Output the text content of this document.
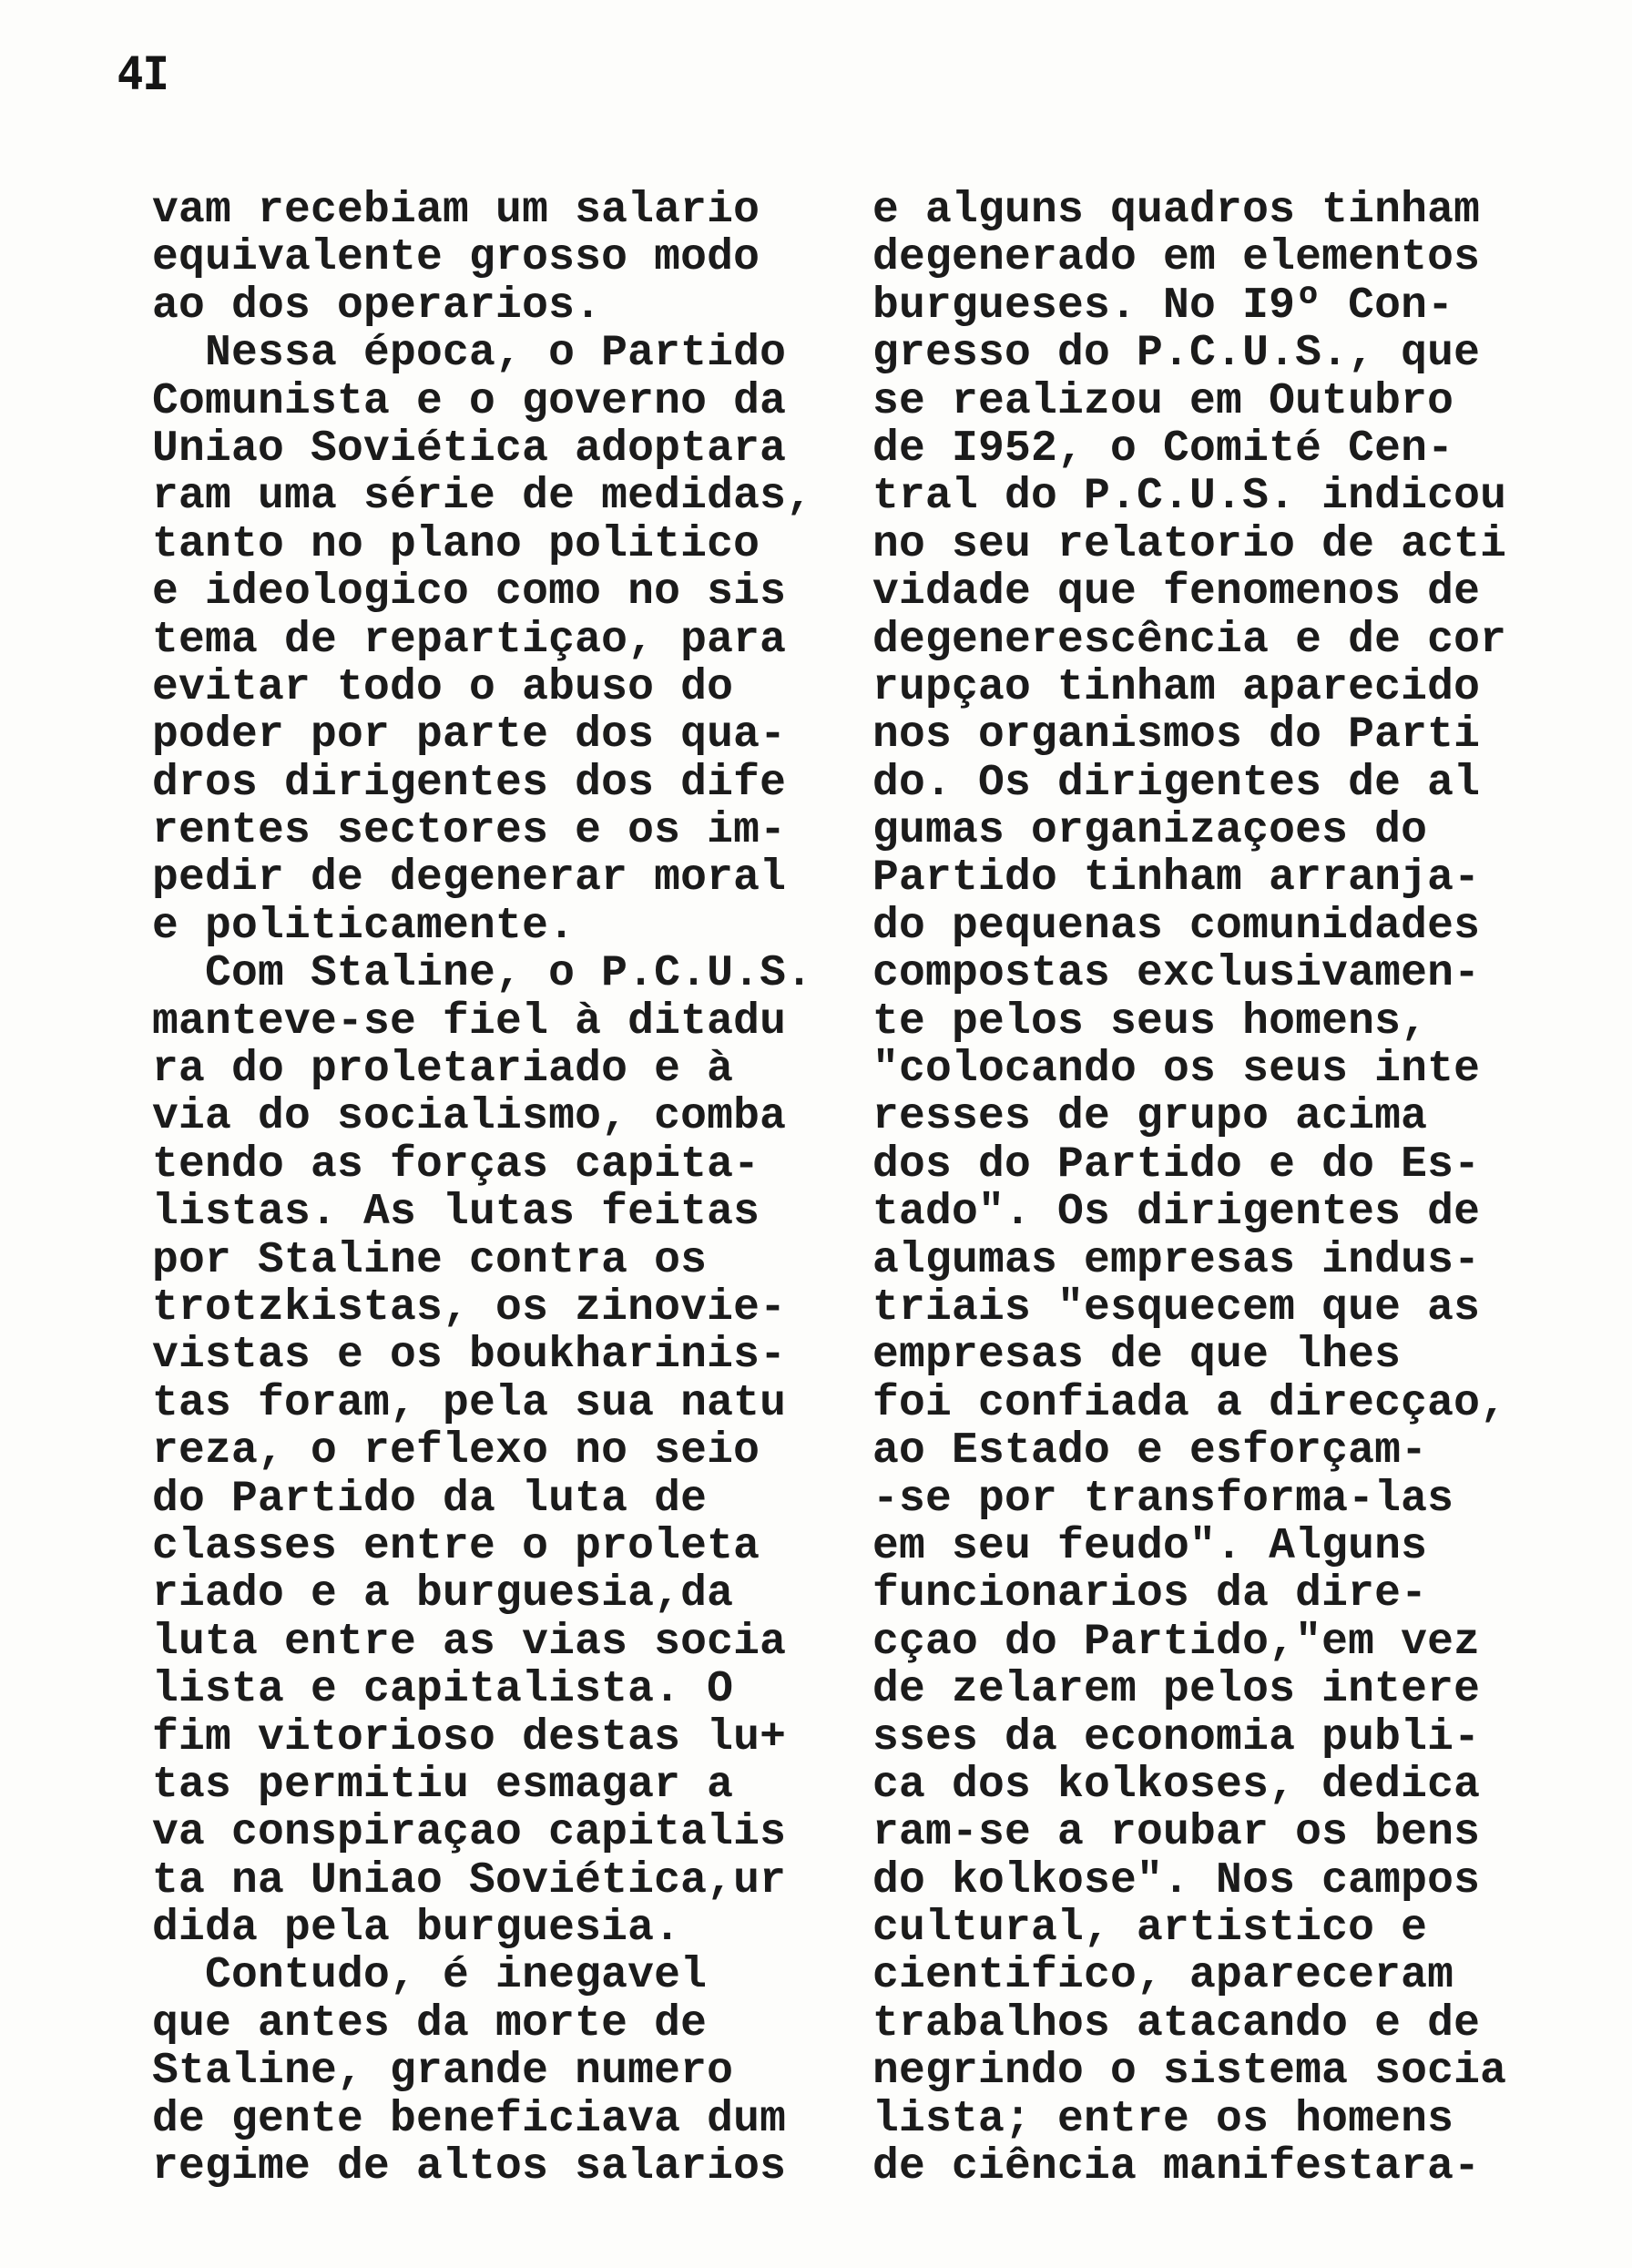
4I
vam recebiam um salario
equivalente grosso modo
ao dos operarios.
Nessa época, o Partido
Comunista e o governo da
Uniao Soviética adoptara
ram uma série de medidas,
tanto no plano politico
e ideologico como no sis
tema de repartiçao, para
evitar todo o abuso do
poder por parte dos qua-
dros dirigentes dos dife
rentes sectores e os im-
pedir de degenerar moral
e politicamente.
Com Staline, o P.C.U.S.
manteve-se fiel à ditadu
ra do proletariado e à
via do socialismo, comba
tendo as forças capita-
listas. As lutas feitas
por Staline contra os
trotzkistas, os zinovie-
vistas e os boukharinis-
tas foram, pela sua natu
reza, o reflexo no seio
do Partido da luta de
classes entre o proleta
riado e a burguesia,da
luta entre as vias socia
lista e capitalista. O
fim vitorioso destas lu+
tas permitiu esmagar a
va conspiraçao capitalis
ta na Uniao Soviética,ur
dida pela burguesia.
Contudo, é inegavel
que antes da morte de
Staline, grande numero
de gente beneficiava dum
regime de altos salarios
e alguns quadros tinham
degenerado em elementos
burgueses. No I9º Con-
gresso do P.C.U.S., que
se realizou em Outubro
de I952, o Comité Cen-
tral do P.C.U.S. indicou
no seu relatorio de acti
vidade que fenomenos de
degenerescência e de cor
rupçao tinham aparecido
nos organismos do Parti
do. Os dirigentes de al
gumas organizaçoes do
Partido tinham arranja-
do pequenas comunidades
compostas exclusivamen-
te pelos seus homens,
"colocando os seus inte
resses de grupo acima
dos do Partido e do Es-
tado". Os dirigentes de
algumas empresas indus-
triais "esquecem que as
empresas de que lhes
foi confiada a direcçao,
ao Estado e esforçam-
-se por transforma-las
em seu feudo". Alguns
funcionarios da dire-
cçao do Partido,"em vez
de zelarem pelos intere
sses da economia publi-
ca dos kolkoses, dedica
ram-se a roubar os bens
do kolkose". Nos campos
cultural, artistico e
cientifico, apareceram
trabalhos atacando e de
negrindo o sistema socia
lista; entre os homens
de ciência manifestara-
